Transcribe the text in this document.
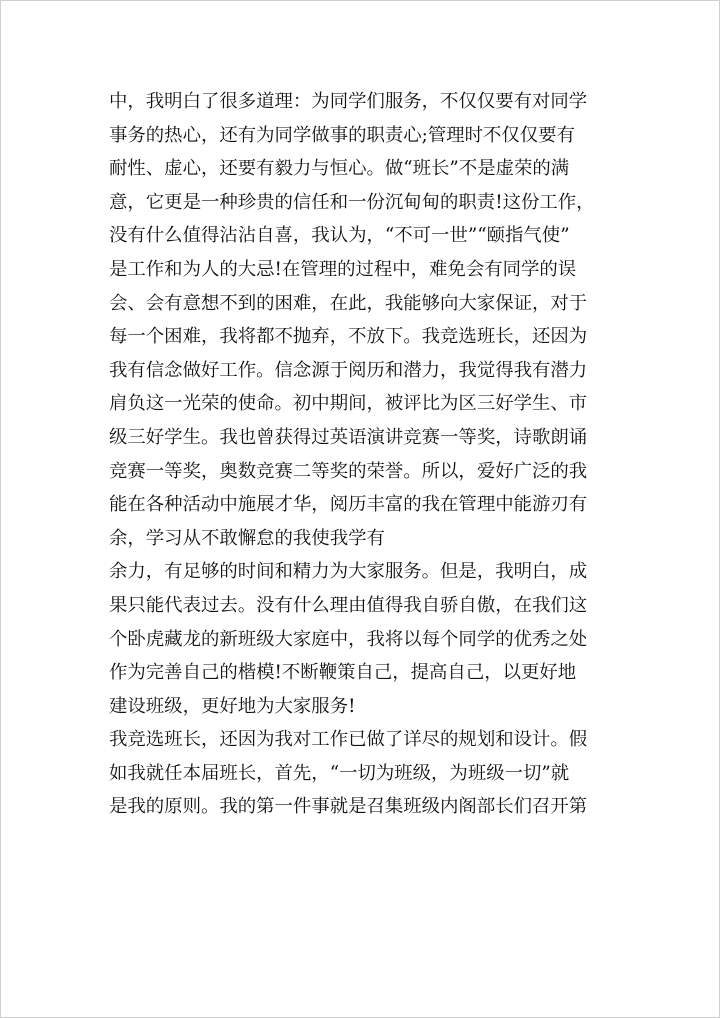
中，我明白了很多道理：为同学们服务，不仅仅要有对同学
事务的热心，还有为同学做事的职责心;管理时不仅仅要有
耐性、虚心，还要有毅力与恒心。做“班长”不是虚荣的满
意，它更是一种珍贵的信任和一份沉甸甸的职责!这份工作，
没有什么值得沾沾自喜，我认为，“不可一世”“颐指气使”
是工作和为人的大忌!在管理的过程中，难免会有同学的误
会、会有意想不到的困难，在此，我能够向大家保证，对于
每一个困难，我将都不抛弃，不放下。我竞选班长，还因为
我有信念做好工作。信念源于阅历和潜力，我觉得我有潜力
肩负这一光荣的使命。初中期间，被评比为区三好学生、市
级三好学生。我也曾获得过英语演讲竞赛一等奖，诗歌朗诵
竞赛一等奖，奥数竞赛二等奖的荣誉。所以，爱好广泛的我
能在各种活动中施展才华，阅历丰富的我在管理中能游刃有
余，学习从不敢懈怠的我使我学有
余力，有足够的时间和精力为大家服务。但是，我明白，成
果只能代表过去。没有什么理由值得我自骄自傲，在我们这
个卧虎藏龙的新班级大家庭中，我将以每个同学的优秀之处
作为完善自己的楷模!不断鞭策自己，提高自己，以更好地
建设班级，更好地为大家服务!
我竞选班长，还因为我对工作已做了详尽的规划和设计。假
如我就任本届班长，首先，“一切为班级，为班级一切”就
是我的原则。我的第一件事就是召集班级内阁部长们召开第
